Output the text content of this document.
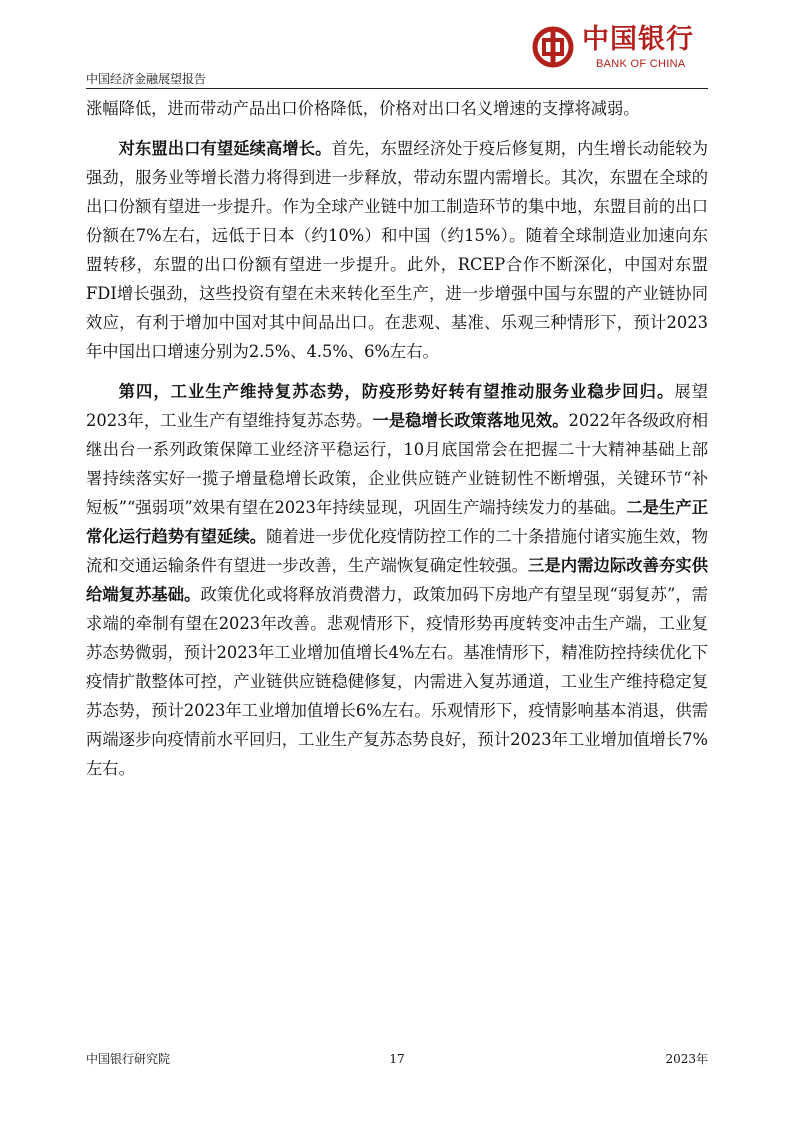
中国银行
BANK OF CHINA
中国经济金融展望报告

涨幅降低，进而带动产品出口价格降低，价格对出口名义增速的支撑将减弱。

对东盟出口有望延续高增长。首先，东盟经济处于疫后修复期，内生增长动能较为强劲，服务业等增长潜力将得到进一步释放，带动东盟内需增长。其次，东盟在全球的出口份额有望进一步提升。作为全球产业链中加工制造环节的集中地，东盟目前的出口份额在7%左右，远低于日本（约10%）和中国（约15%）。随着全球制造业加速向东盟转移，东盟的出口份额有望进一步提升。此外，RCEP合作不断深化，中国对东盟FDI增长强劲，这些投资有望在未来转化至生产，进一步增强中国与东盟的产业链协同效应，有利于增加中国对其中间品出口。在悲观、基准、乐观三种情形下，预计2023年中国出口增速分别为2.5%、4.5%、6%左右。

第四，工业生产维持复苏态势，防疫形势好转有望推动服务业稳步回归。展望2023年，工业生产有望维持复苏态势。一是稳增长政策落地见效。2022年各级政府相继出台一系列政策保障工业经济平稳运行，10月底国常会在把握二十大精神基础上部署持续落实好一揽子增量稳增长政策，企业供应链产业链韧性不断增强，关键环节“补短板”“强弱项”效果有望在2023年持续显现，巩固生产端持续发力的基础。二是生产正常化运行趋势有望延续。随着进一步优化疫情防控工作的二十条措施付诸实施生效，物流和交通运输条件有望进一步改善，生产端恢复确定性较强。三是内需边际改善夯实供给端复苏基础。政策优化或将释放消费潜力，政策加码下房地产有望呈现“弱复苏”，需求端的牵制有望在2023年改善。悲观情形下，疫情形势再度转变冲击生产端，工业复苏态势微弱，预计2023年工业增加值增长4%左右。基准情形下，精准防控持续优化下疫情扩散整体可控，产业链供应链稳健修复，内需进入复苏通道，工业生产维持稳定复苏态势，预计2023年工业增加值增长6%左右。乐观情形下，疫情影响基本消退，供需两端逐步向疫情前水平回归，工业生产复苏态势良好，预计2023年工业增加值增长7%左右。

中国银行研究院	17	2023年
